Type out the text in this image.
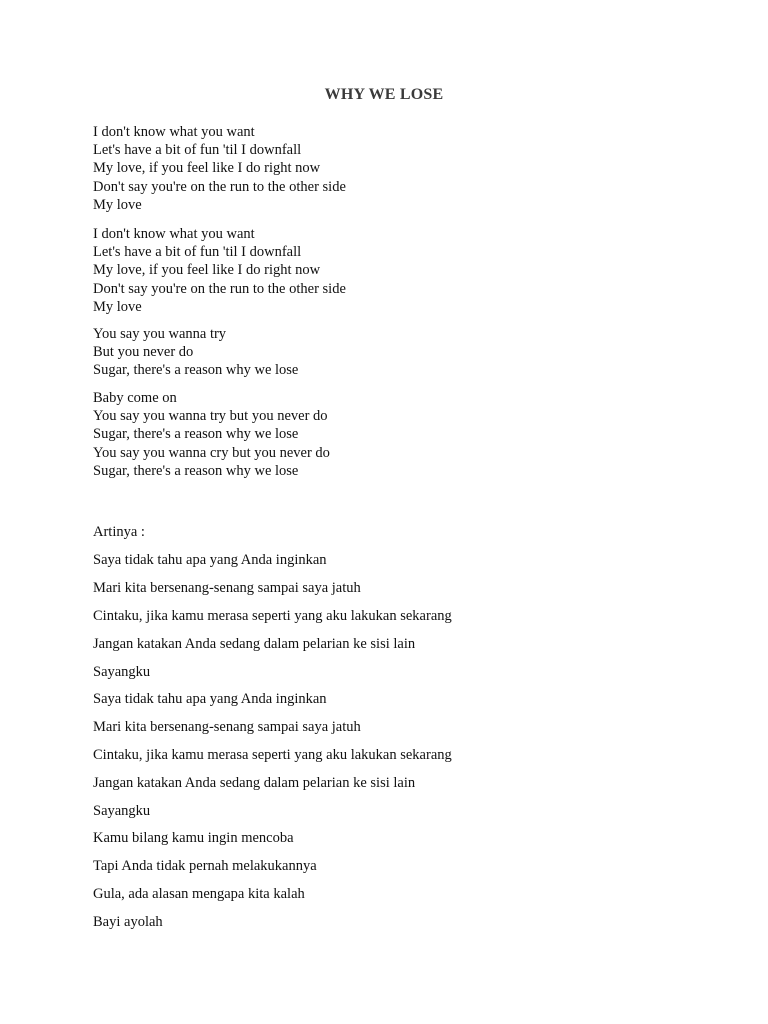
WHY WE LOSE
I don't know what you want
Let's have a bit of fun 'til I downfall
My love, if you feel like I do right now
Don't say you're on the run to the other side
My love
I don't know what you want
Let's have a bit of fun 'til I downfall
My love, if you feel like I do right now
Don't say you're on the run to the other side
My love
You say you wanna try
But you never do
Sugar, there's a reason why we lose
Baby come on
You say you wanna try but you never do
Sugar, there's a reason why we lose
You say you wanna cry but you never do
Sugar, there's a reason why we lose
Artinya :
Saya tidak tahu apa yang Anda inginkan
Mari kita bersenang-senang sampai saya jatuh
Cintaku, jika kamu merasa seperti yang aku lakukan sekarang
Jangan katakan Anda sedang dalam pelarian ke sisi lain
Sayangku
Saya tidak tahu apa yang Anda inginkan
Mari kita bersenang-senang sampai saya jatuh
Cintaku, jika kamu merasa seperti yang aku lakukan sekarang
Jangan katakan Anda sedang dalam pelarian ke sisi lain
Sayangku
Kamu bilang kamu ingin mencoba
Tapi Anda tidak pernah melakukannya
Gula, ada alasan mengapa kita kalah
Bayi ayolah
